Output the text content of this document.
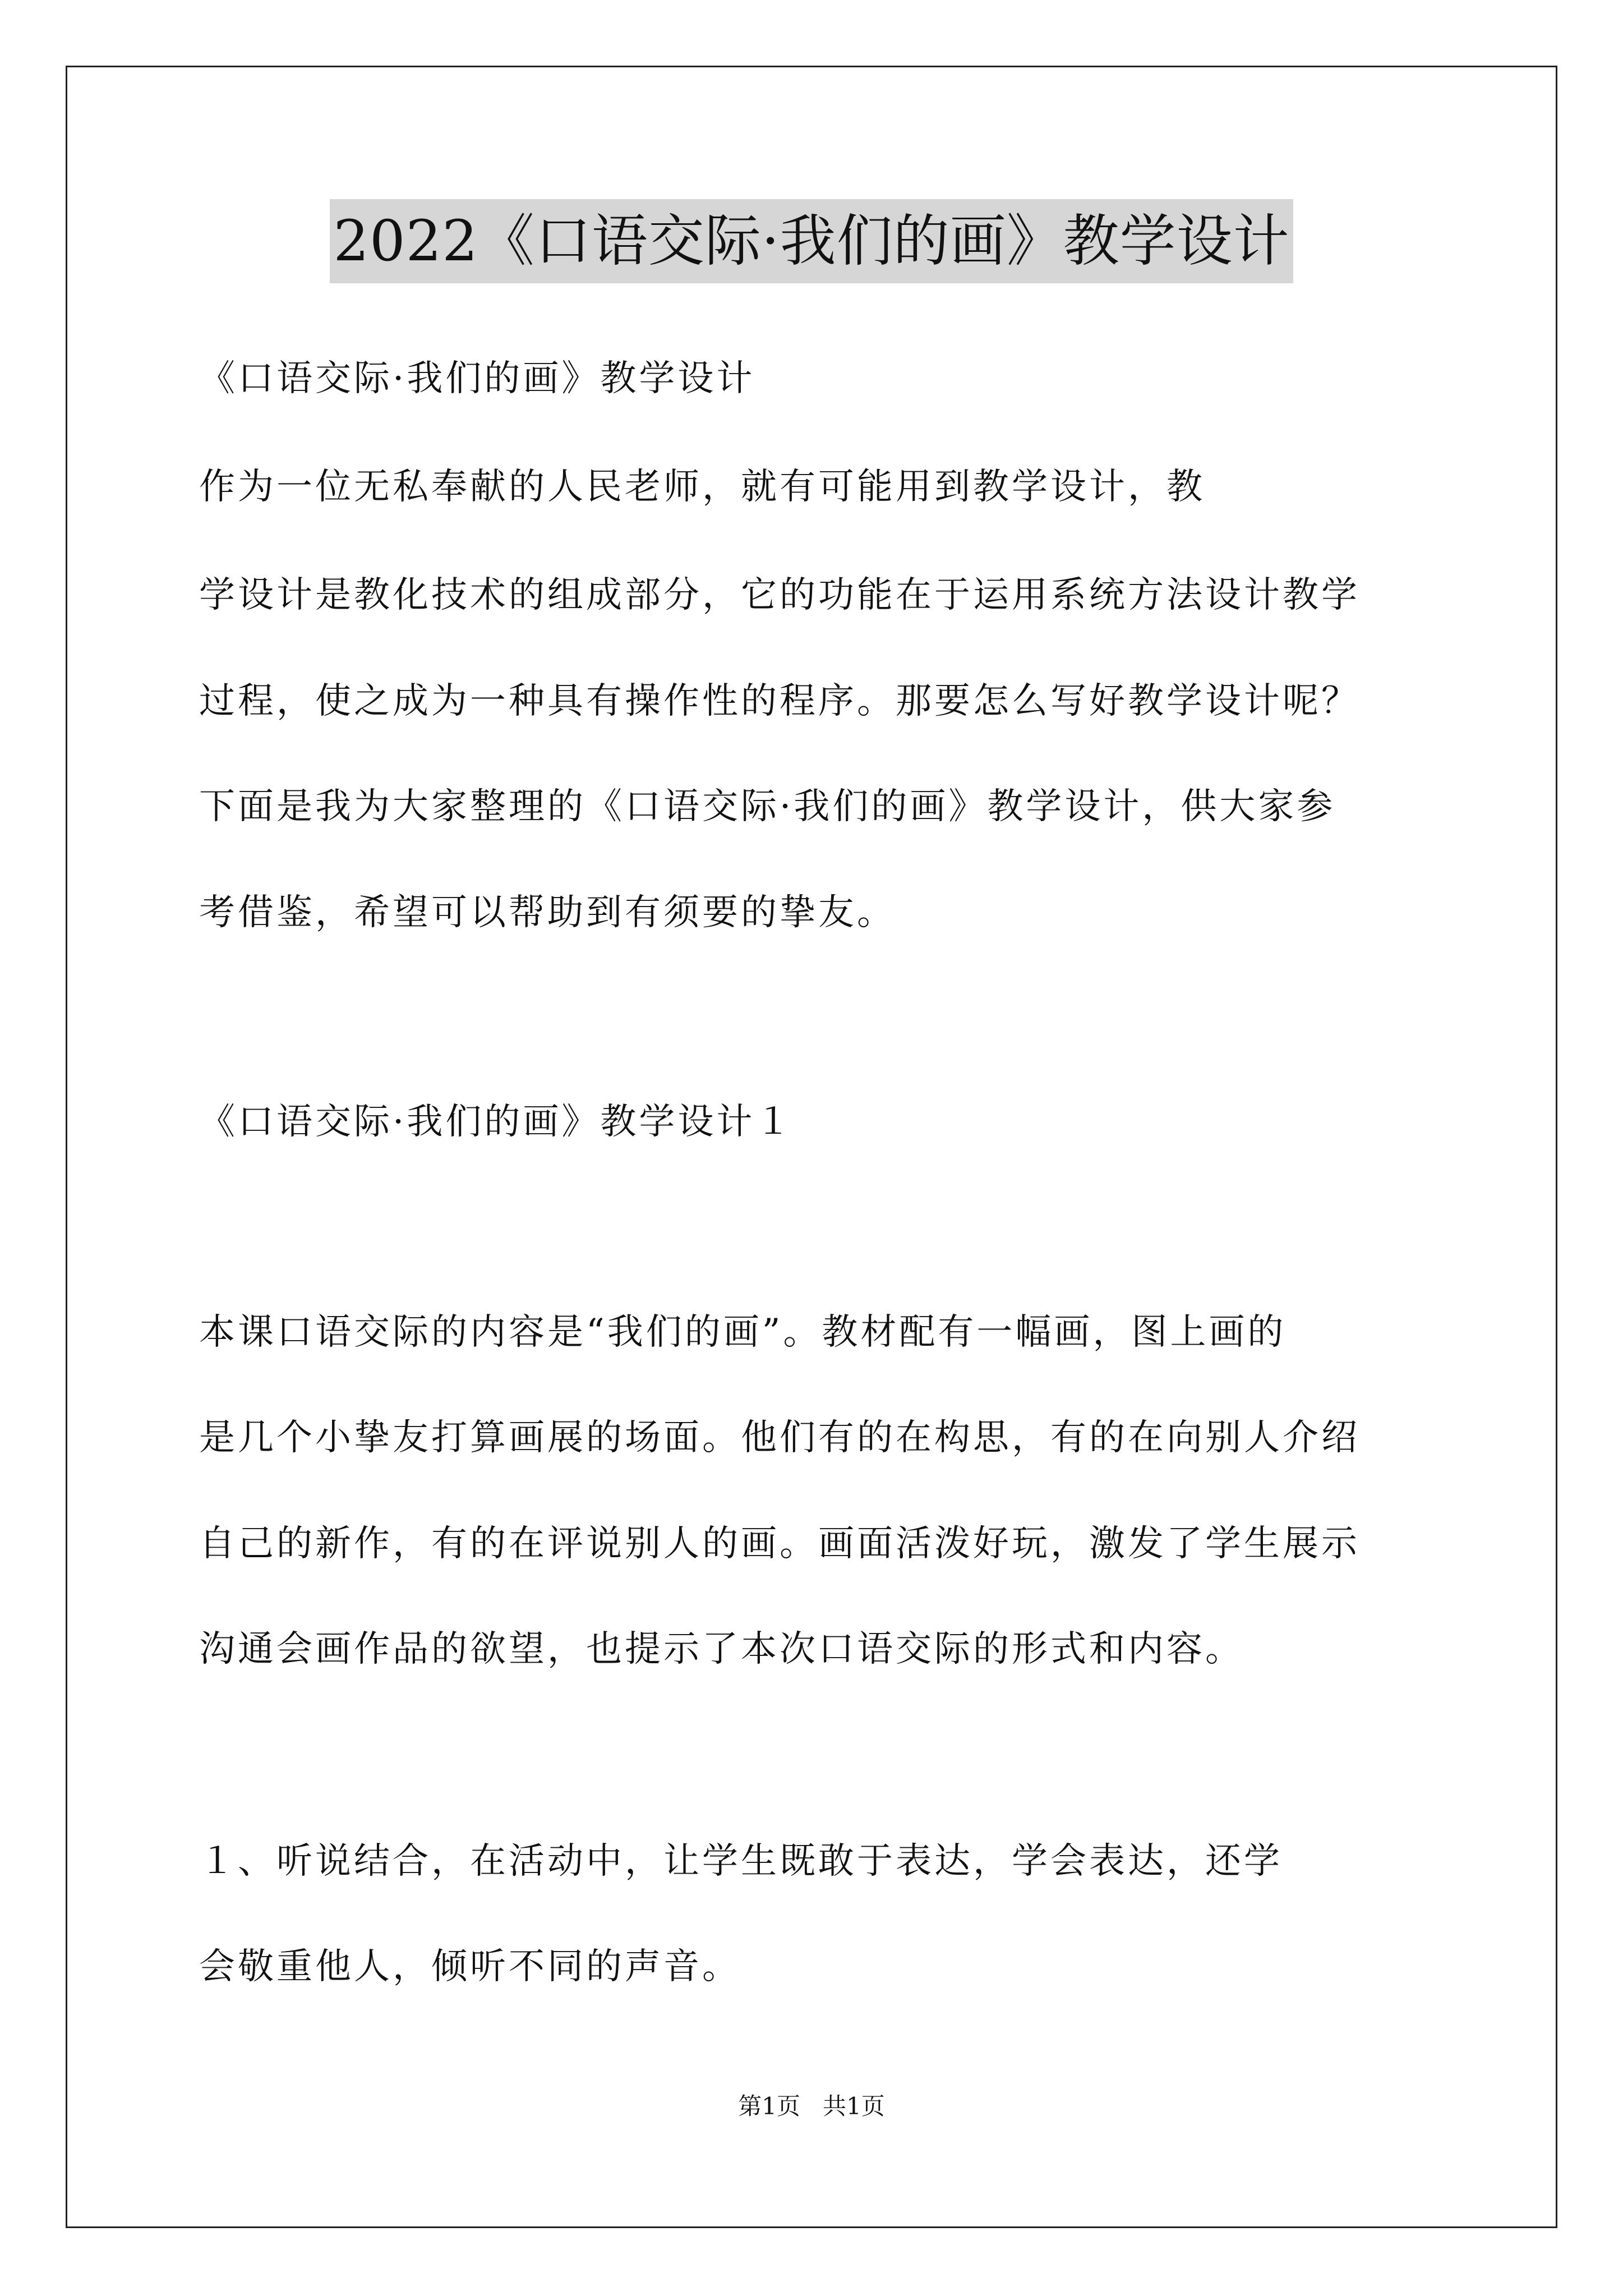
2022《口语交际·我们的画》教学设计
《口语交际·我们的画》教学设计
作为一位无私奉献的人民老师，就有可能用到教学设计，教
学设计是教化技术的组成部分，它的功能在于运用系统方法设计教学
过程，使之成为一种具有操作性的程序。那要怎么写好教学设计呢？
下面是我为大家整理的《口语交际·我们的画》教学设计，供大家参
考借鉴，希望可以帮助到有须要的挚友。
《口语交际·我们的画》教学设计１
本课口语交际的内容是“我们的画”。教材配有一幅画，图上画的
是几个小挚友打算画展的场面。他们有的在构思，有的在向别人介绍
自己的新作，有的在评说别人的画。画面活泼好玩，激发了学生展示
沟通会画作品的欲望，也提示了本次口语交际的形式和内容。
１、听说结合，在活动中，让学生既敢于表达，学会表达，还学
会敬重他人，倾听不同的声音。
第1页   共1页
